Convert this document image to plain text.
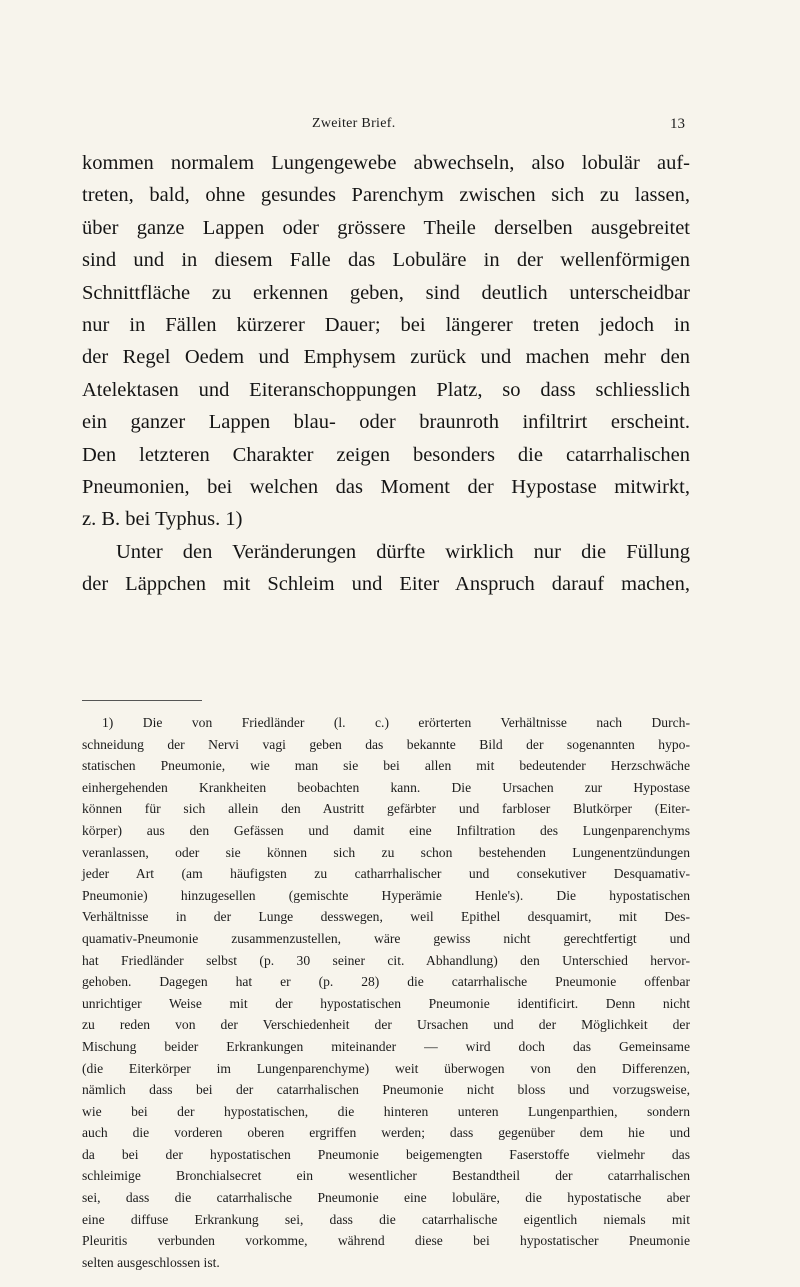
Zweiter Brief.	13
kommen normalem Lungengewebe abwechseln, also lobulär auf-
treten, bald, ohne gesundes Parenchym zwischen sich zu lassen,
über ganze Lappen oder grössere Theile derselben ausgebreitet
sind und in diesem Falle das Lobuläre in der wellenförmigen
Schnittfläche zu erkennen geben, sind deutlich unterscheidbar
nur in Fällen kürzerer Dauer; bei längerer treten jedoch in
der Regel Oedem und Emphysem zurück und machen mehr den
Atelektasen und Eiteranschoppungen Platz, so dass schliesslich
ein ganzer Lappen blau- oder braunroth infiltrirt erscheint.
Den letzteren Charakter zeigen besonders die catarrhalischen
Pneumonien, bei welchen das Moment der Hypostase mitwirkt,
z. B. bei Typhus. 1)
Unter den Veränderungen dürfte wirklich nur die Füllung
der Läppchen mit Schleim und Eiter Anspruch darauf machen,
1) Die von Friedländer (l. c.) erörterten Verhältnisse nach Durch-
schneidung der Nervi vagi geben das bekannte Bild der sogenannten hypo-
statischen Pneumonie, wie man sie bei allen mit bedeutender Herzschwäche
einhergehenden Krankheiten beobachten kann. Die Ursachen zur Hypostase
können für sich allein den Austritt gefärbter und farbloser Blutkörper (Eiter-
körper) aus den Gefässen und damit eine Infiltration des Lungenparenchyms
veranlassen, oder sie können sich zu schon bestehenden Lungenentzündungen
jeder Art (am häufigsten zu catharrhalischer und consekutiver Desquamativ-
Pneumonie) hinzugesellen (gemischte Hyperämie Henle's). Die hypostatischen
Verhältnisse in der Lunge desswegen, weil Epithel desquamirt, mit Des-
quamativ-Pneumonie zusammenzustellen, wäre gewiss nicht gerechtfertigt und
hat Friedländer selbst (p. 30 seiner cit. Abhandlung) den Unterschied hervor-
gehoben. Dagegen hat er (p. 28) die catarrhalische Pneumonie offenbar
unrichtiger Weise mit der hypostatischen Pneumonie identificirt. Denn nicht
zu reden von der Verschiedenheit der Ursachen und der Möglichkeit der
Mischung beider Erkrankungen miteinander — wird doch das Gemeinsame
(die Eiterkörper im Lungenparenchyme) weit überwogen von den Differenzen,
nämlich dass bei der catarrhalischen Pneumonie nicht bloss und vorzugsweise,
wie bei der hypostatischen, die hinteren unteren Lungenparthien, sondern
auch die vorderen oberen ergriffen werden; dass gegenüber dem hie und
da bei der hypostatischen Pneumonie beigemengten Faserstoffe vielmehr das
schleimige Bronchialsecret ein wesentlicher Bestandtheil der catarrhalischen
sei, dass die catarrhalische Pneumonie eine lobuläre, die hypostatische aber
eine diffuse Erkrankung sei, dass die catarrhalische eigentlich niemals mit
Pleuritis verbunden vorkomme, während diese bei hypostatischer Pneumonie
selten ausgeschlossen ist.
